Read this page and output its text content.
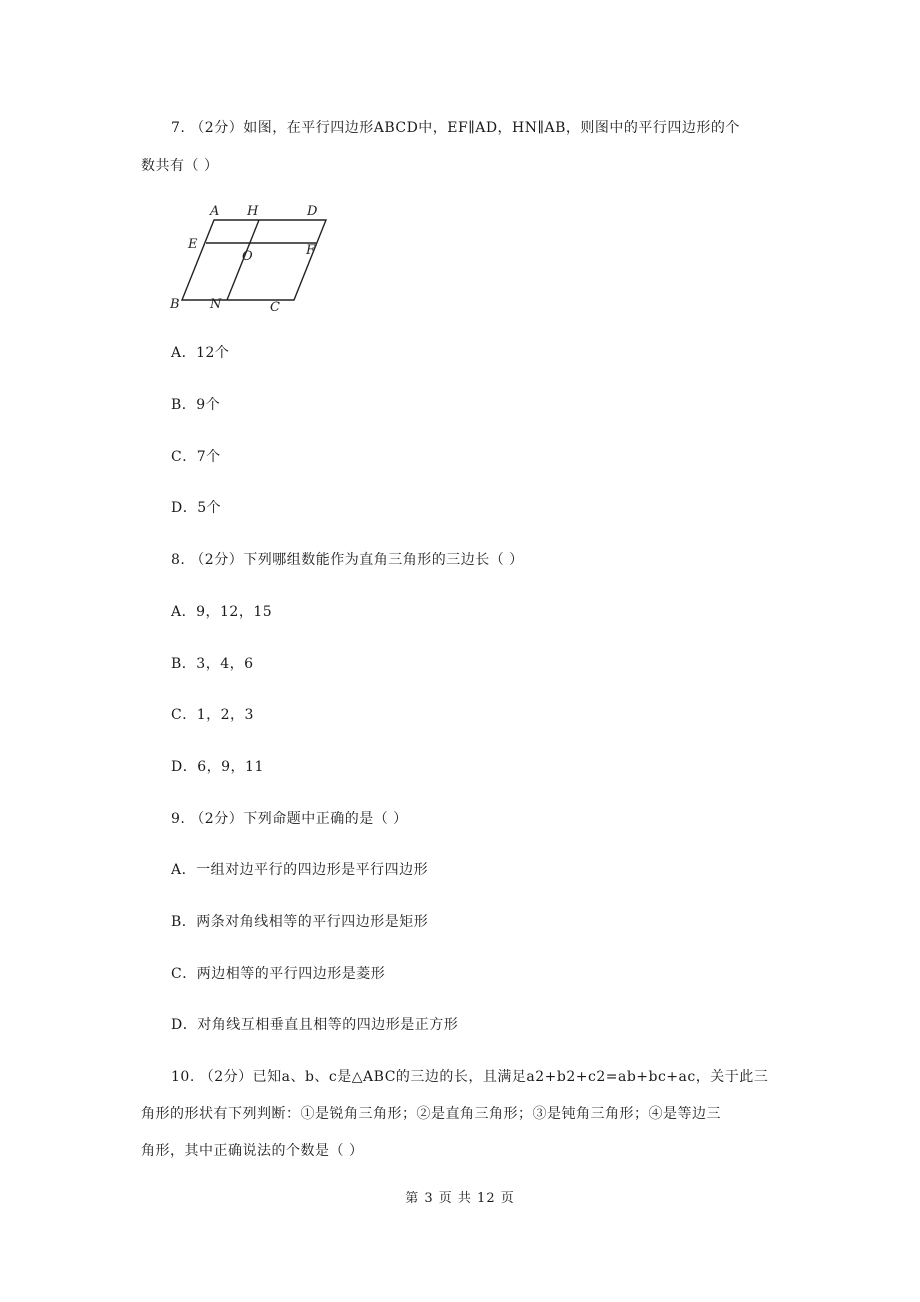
7. （2分）如图，在平行四边形ABCD中，EF∥AD，HN∥AB，则图中的平行四边形的个
数共有（ ）
A H	D
E
O	F
B N	C
A．12个
B．9个
C．7个
D．5个
8. （2分）下列哪组数能作为直角三角形的三边长（ ）
A．9，12，15
B．3，4，6
C．1，2，3
D．6，9，11
9. （2分）下列命题中正确的是（ ）
A．一组对边平行的四边形是平行四边形
B．两条对角线相等的平行四边形是矩形
C．两边相等的平行四边形是菱形
D．对角线互相垂直且相等的四边形是正方形
10. （2分）已知a、b、c是△ABC的三边的长，且满足a2+b2+c2=ab+bc+ac，关于此三
角形的形状有下列判断：①是锐角三角形；②是直角三角形；③是钝角三角形；④是等边三
角形，其中正确说法的个数是（ ）
第 3 页 共 12 页
